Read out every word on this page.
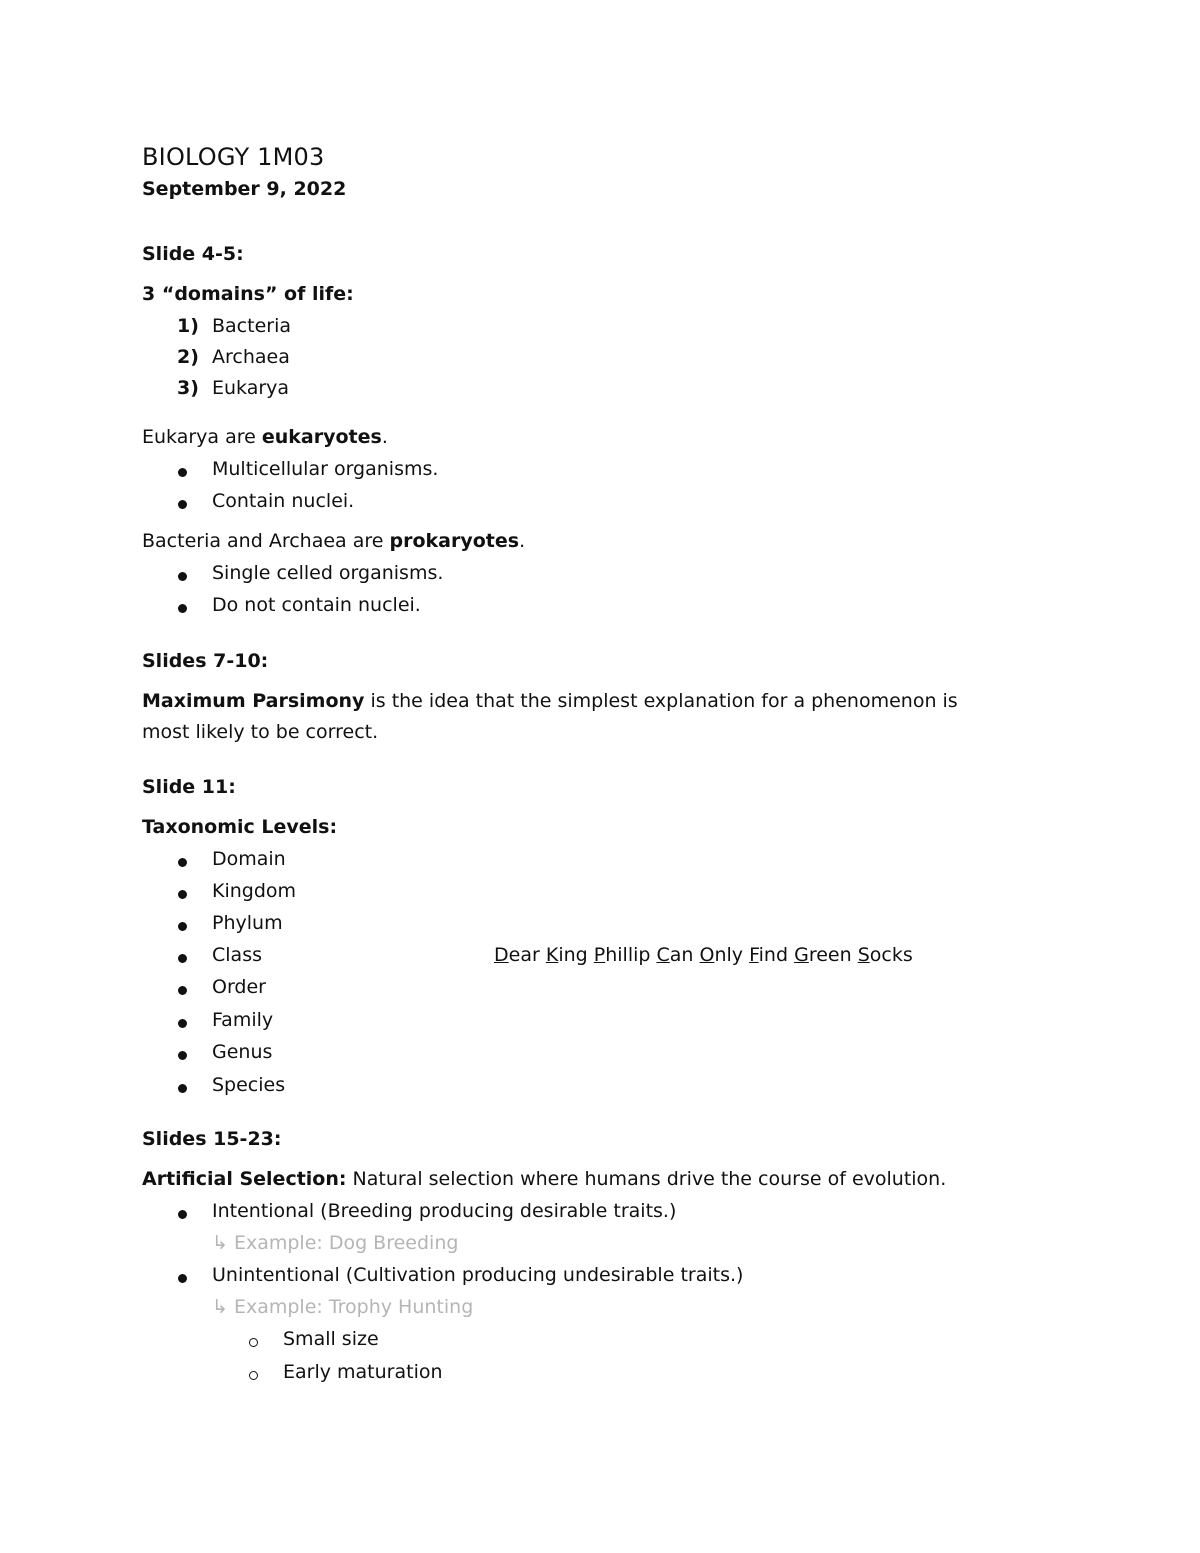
BIOLOGY 1M03
September 9, 2022
Slide 4-5:
3 “domains” of life:
1) Bacteria
2) Archaea
3) Eukarya
Eukarya are eukaryotes.
Multicellular organisms.
Contain nuclei.
Bacteria and Archaea are prokaryotes.
Single celled organisms.
Do not contain nuclei.
Slides 7-10:
Maximum Parsimony is the idea that the simplest explanation for a phenomenon is
most likely to be correct.
Slide 11:
Taxonomic Levels:
Domain
Kingdom
Phylum
Class
Order
Family
Genus
Species
Dear King Phillip Can Only Find Green Socks
Slides 15-23:
Artificial Selection: Natural selection where humans drive the course of evolution.
Intentional (Breeding producing desirable traits.)
↳ Example: Dog Breeding
Unintentional (Cultivation producing undesirable traits.)
↳ Example: Trophy Hunting
Small size
Early maturation
